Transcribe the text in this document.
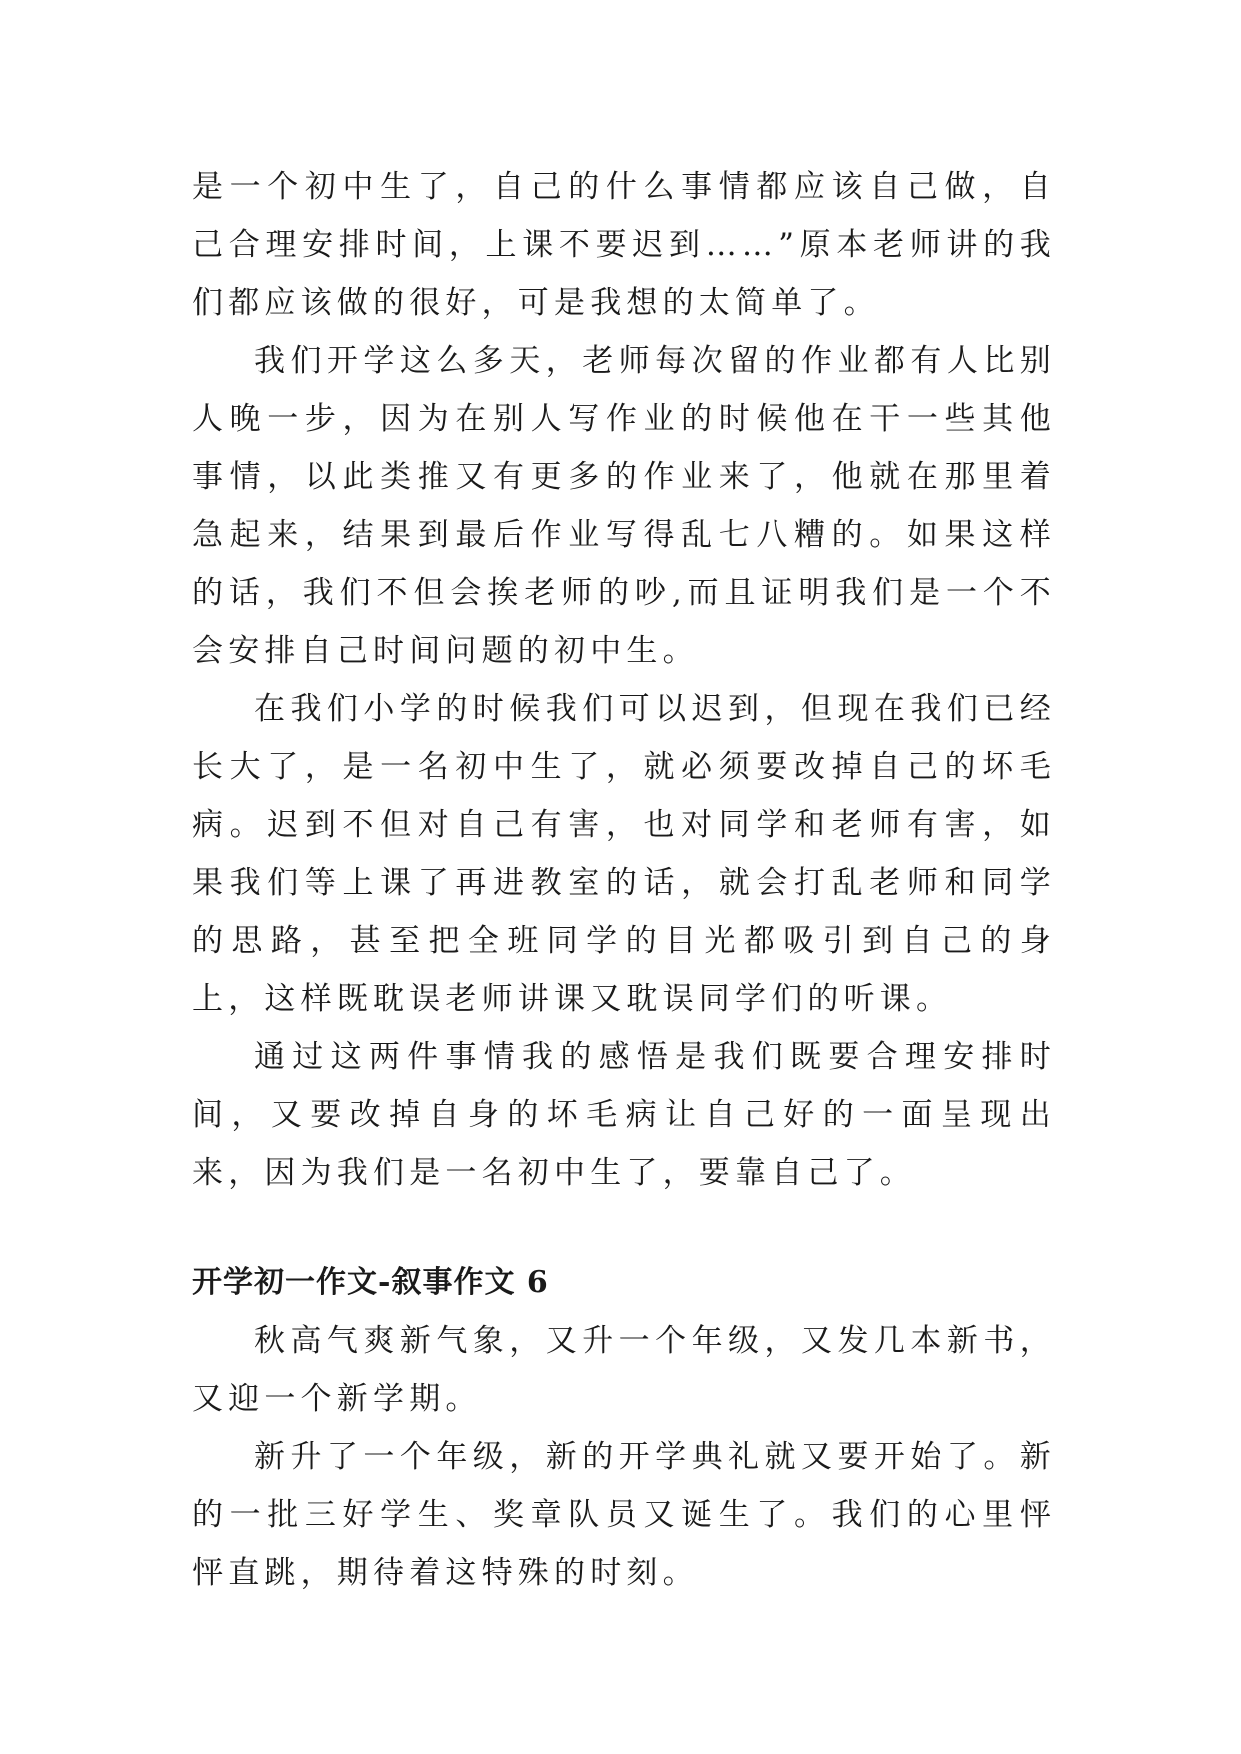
是一个初中生了，自己的什么事情都应该自己做，自己合理安排时间，上课不要迟到……”原本老师讲的我们都应该做的很好，可是我想的太简单了。

我们开学这么多天，老师每次留的作业都有人比别人晚一步，因为在别人写作业的时候他在干一些其他事情，以此类推又有更多的作业来了，他就在那里着急起来，结果到最后作业写得乱七八糟的。如果这样的话，我们不但会挨老师的吵,而且证明我们是一个不会安排自己时间问题的初中生。

在我们小学的时候我们可以迟到，但现在我们已经长大了，是一名初中生了，就必须要改掉自己的坏毛病。迟到不但对自己有害，也对同学和老师有害，如果我们等上课了再进教室的话，就会打乱老师和同学的思路，甚至把全班同学的目光都吸引到自己的身上，这样既耽误老师讲课又耽误同学们的听课。

通过这两件事情我的感悟是我们既要合理安排时间，又要改掉自身的坏毛病让自己好的一面呈现出来，因为我们是一名初中生了，要靠自己了。

开学初一作文-叙事作文 6

秋高气爽新气象，又升一个年级，又发几本新书，又迎一个新学期。

新升了一个年级，新的开学典礼就又要开始了。新的一批三好学生、奖章队员又诞生了。我们的心里怦怦直跳，期待着这特殊的时刻。
